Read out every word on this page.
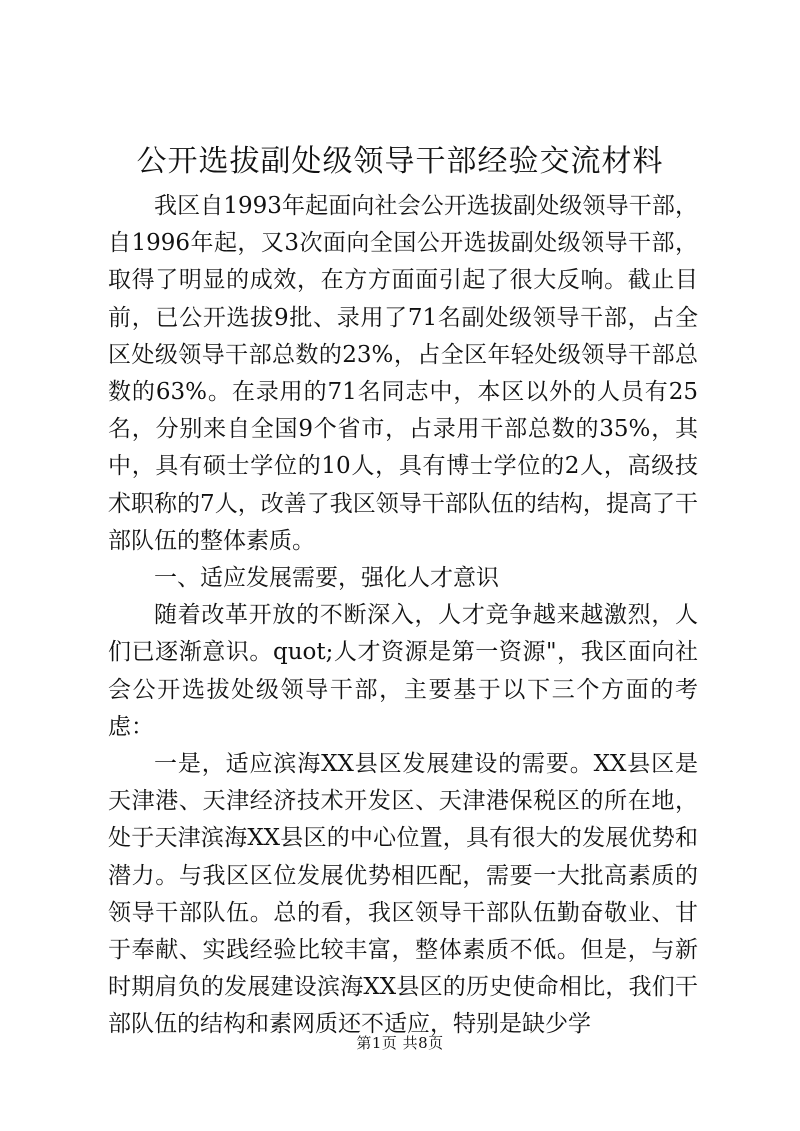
公开选拔副处级领导干部经验交流材料

我区自1993年起面向社会公开选拔副处级领导干部，自1996年起，又3次面向全国公开选拔副处级领导干部，取得了明显的成效，在方方面面引起了很大反响。截止目前，已公开选拔9批、录用了71名副处级领导干部，占全区处级领导干部总数的23%，占全区年轻处级领导干部总数的63%。在录用的71名同志中，本区以外的人员有25名，分别来自全国9个省市，占录用干部总数的35%，其中，具有硕士学位的10人，具有博士学位的2人，高级技术职称的7人，改善了我区领导干部队伍的结构，提高了干部队伍的整体素质。

一、适应发展需要，强化人才意识

随着改革开放的不断深入，人才竞争越来越激烈，人们已逐渐意识。quot;人才资源是第一资源"，我区面向社会公开选拔处级领导干部，主要基于以下三个方面的考虑：

一是，适应滨海XX县区发展建设的需要。XX县区是天津港、天津经济技术开发区、天津港保税区的所在地，处于天津滨海XX县区的中心位置，具有很大的发展优势和潜力。与我区区位发展优势相匹配，需要一大批高素质的领导干部队伍。总的看，我区领导干部队伍勤奋敬业、甘于奉献、实践经验比较丰富，整体素质不低。但是，与新时期肩负的发展建设滨海XX县区的历史使命相比，我们干部队伍的结构和素网质还不适应，特别是缺少学

第1页 共8页
